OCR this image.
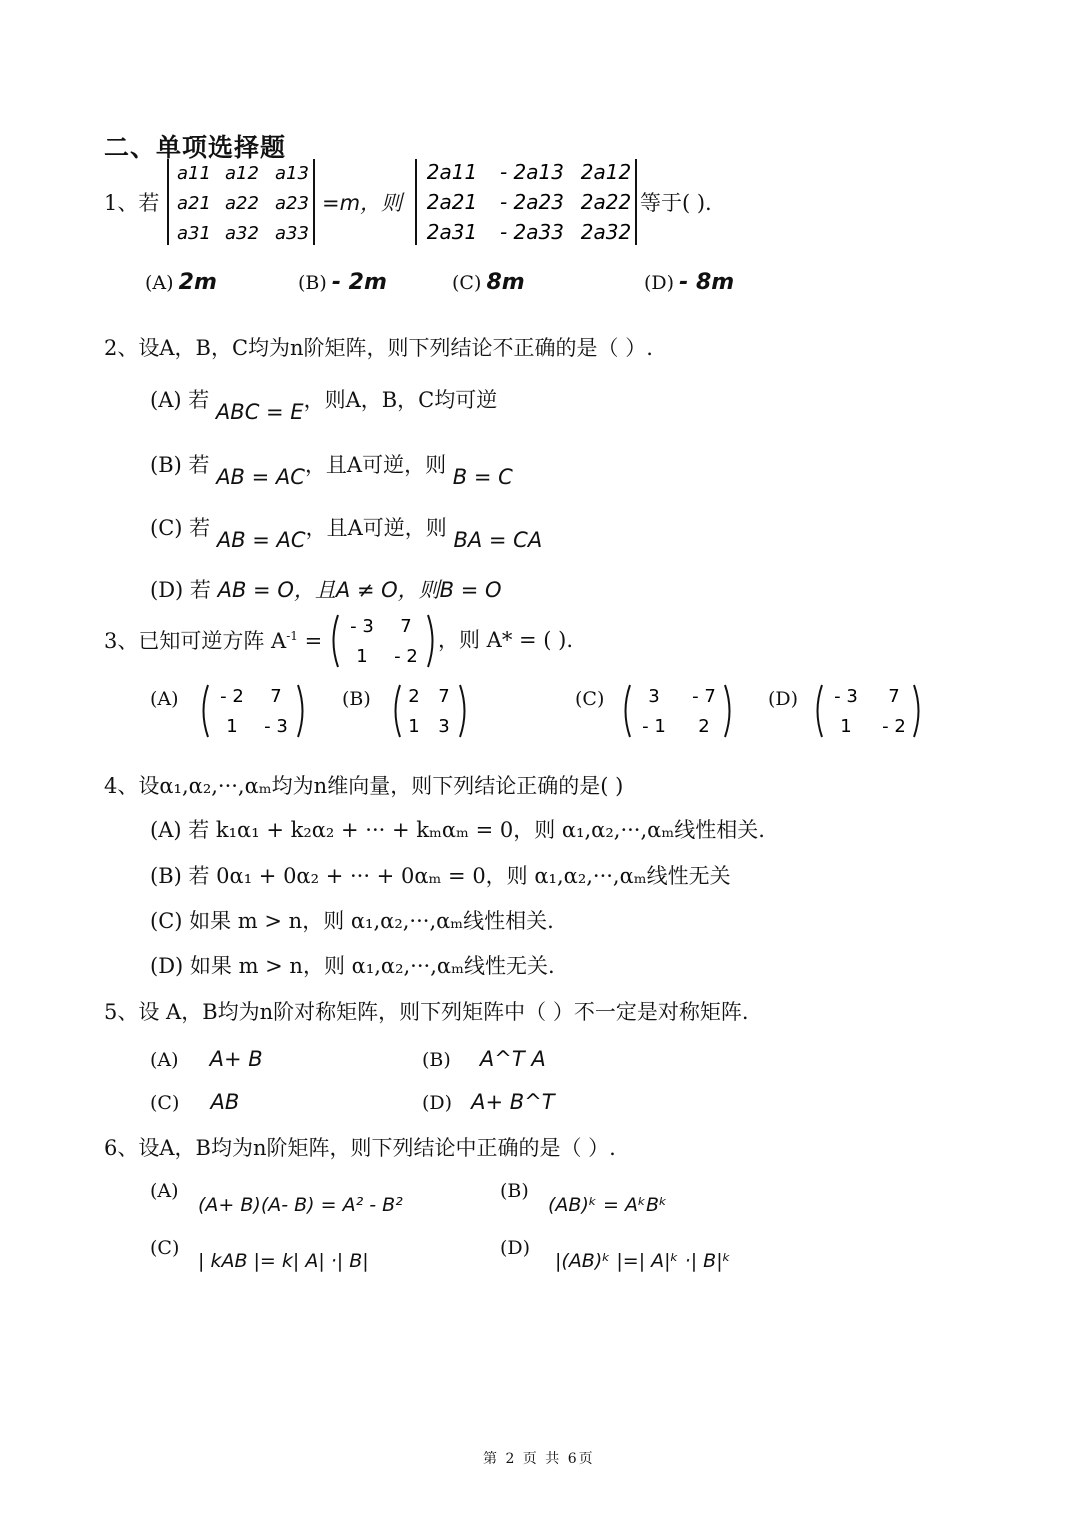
二、单项选择题
1、若
a11 a12 a13
a21 a22 a23
a31 a32 a33
2a11 - 2a13 2a12
2a21 - 2a23 2a22
2a31 - 2a33 2a32
=m，则	等于( ).
(A) 2m	(B) - 2m	(C) 8m	(D) - 8m
2、设A，B，C均为n阶矩阵，则下列结论不正确的是（ ）.
(A) 若 ABC = E，则A，B，C均可逆
(B) 若 AB = AC，且A可逆，则 B = C
(C) 若 AB = AC，且A可逆，则 BA = CA
(D) 若 AB = O，且A ≠ O，则B = O
3、已知可逆方阵 $A^{-1}$ =
- 3 7
1 - 2
，则 A* = ( ).
(A) - 2 7
1 - 3
(B) 2 7
1 3
(C) 3 - 7
- 1 2
(D) - 3 7
1 - 2
4、设α₁,α₂,···,αₘ均为n维向量，则下列结论正确的是( )
(A) 若 k₁α₁ + k₂α₂ + ··· + kₘαₘ = 0，则 α₁,α₂,···,αₘ线性相关.
(B) 若 0α₁ + 0α₂ + ··· + 0αₘ = 0，则 α₁,α₂,···,αₘ线性无关
(C) 如果 m > n，则 α₁,α₂,···,αₘ线性相关.
(D) 如果 m > n，则 α₁,α₂,···,αₘ线性无关.
5、设 A，B均为n阶对称矩阵，则下列矩阵中（ ）不一定是对称矩阵.
(A) A+ B	(B) A^T A
(C) AB	(D) A+ B^T
6、设A，B均为n阶矩阵，则下列结论中正确的是（ ）.
(A)
(A+ B)(A- B) = A² - B²
(B)
(AB)ᵏ = AᵏBᵏ
(C)
| kAB |= k| A| ·| B|
(D)
|(AB)ᵏ |=| A|ᵏ ·| B|ᵏ
第 2 页 共 6页
